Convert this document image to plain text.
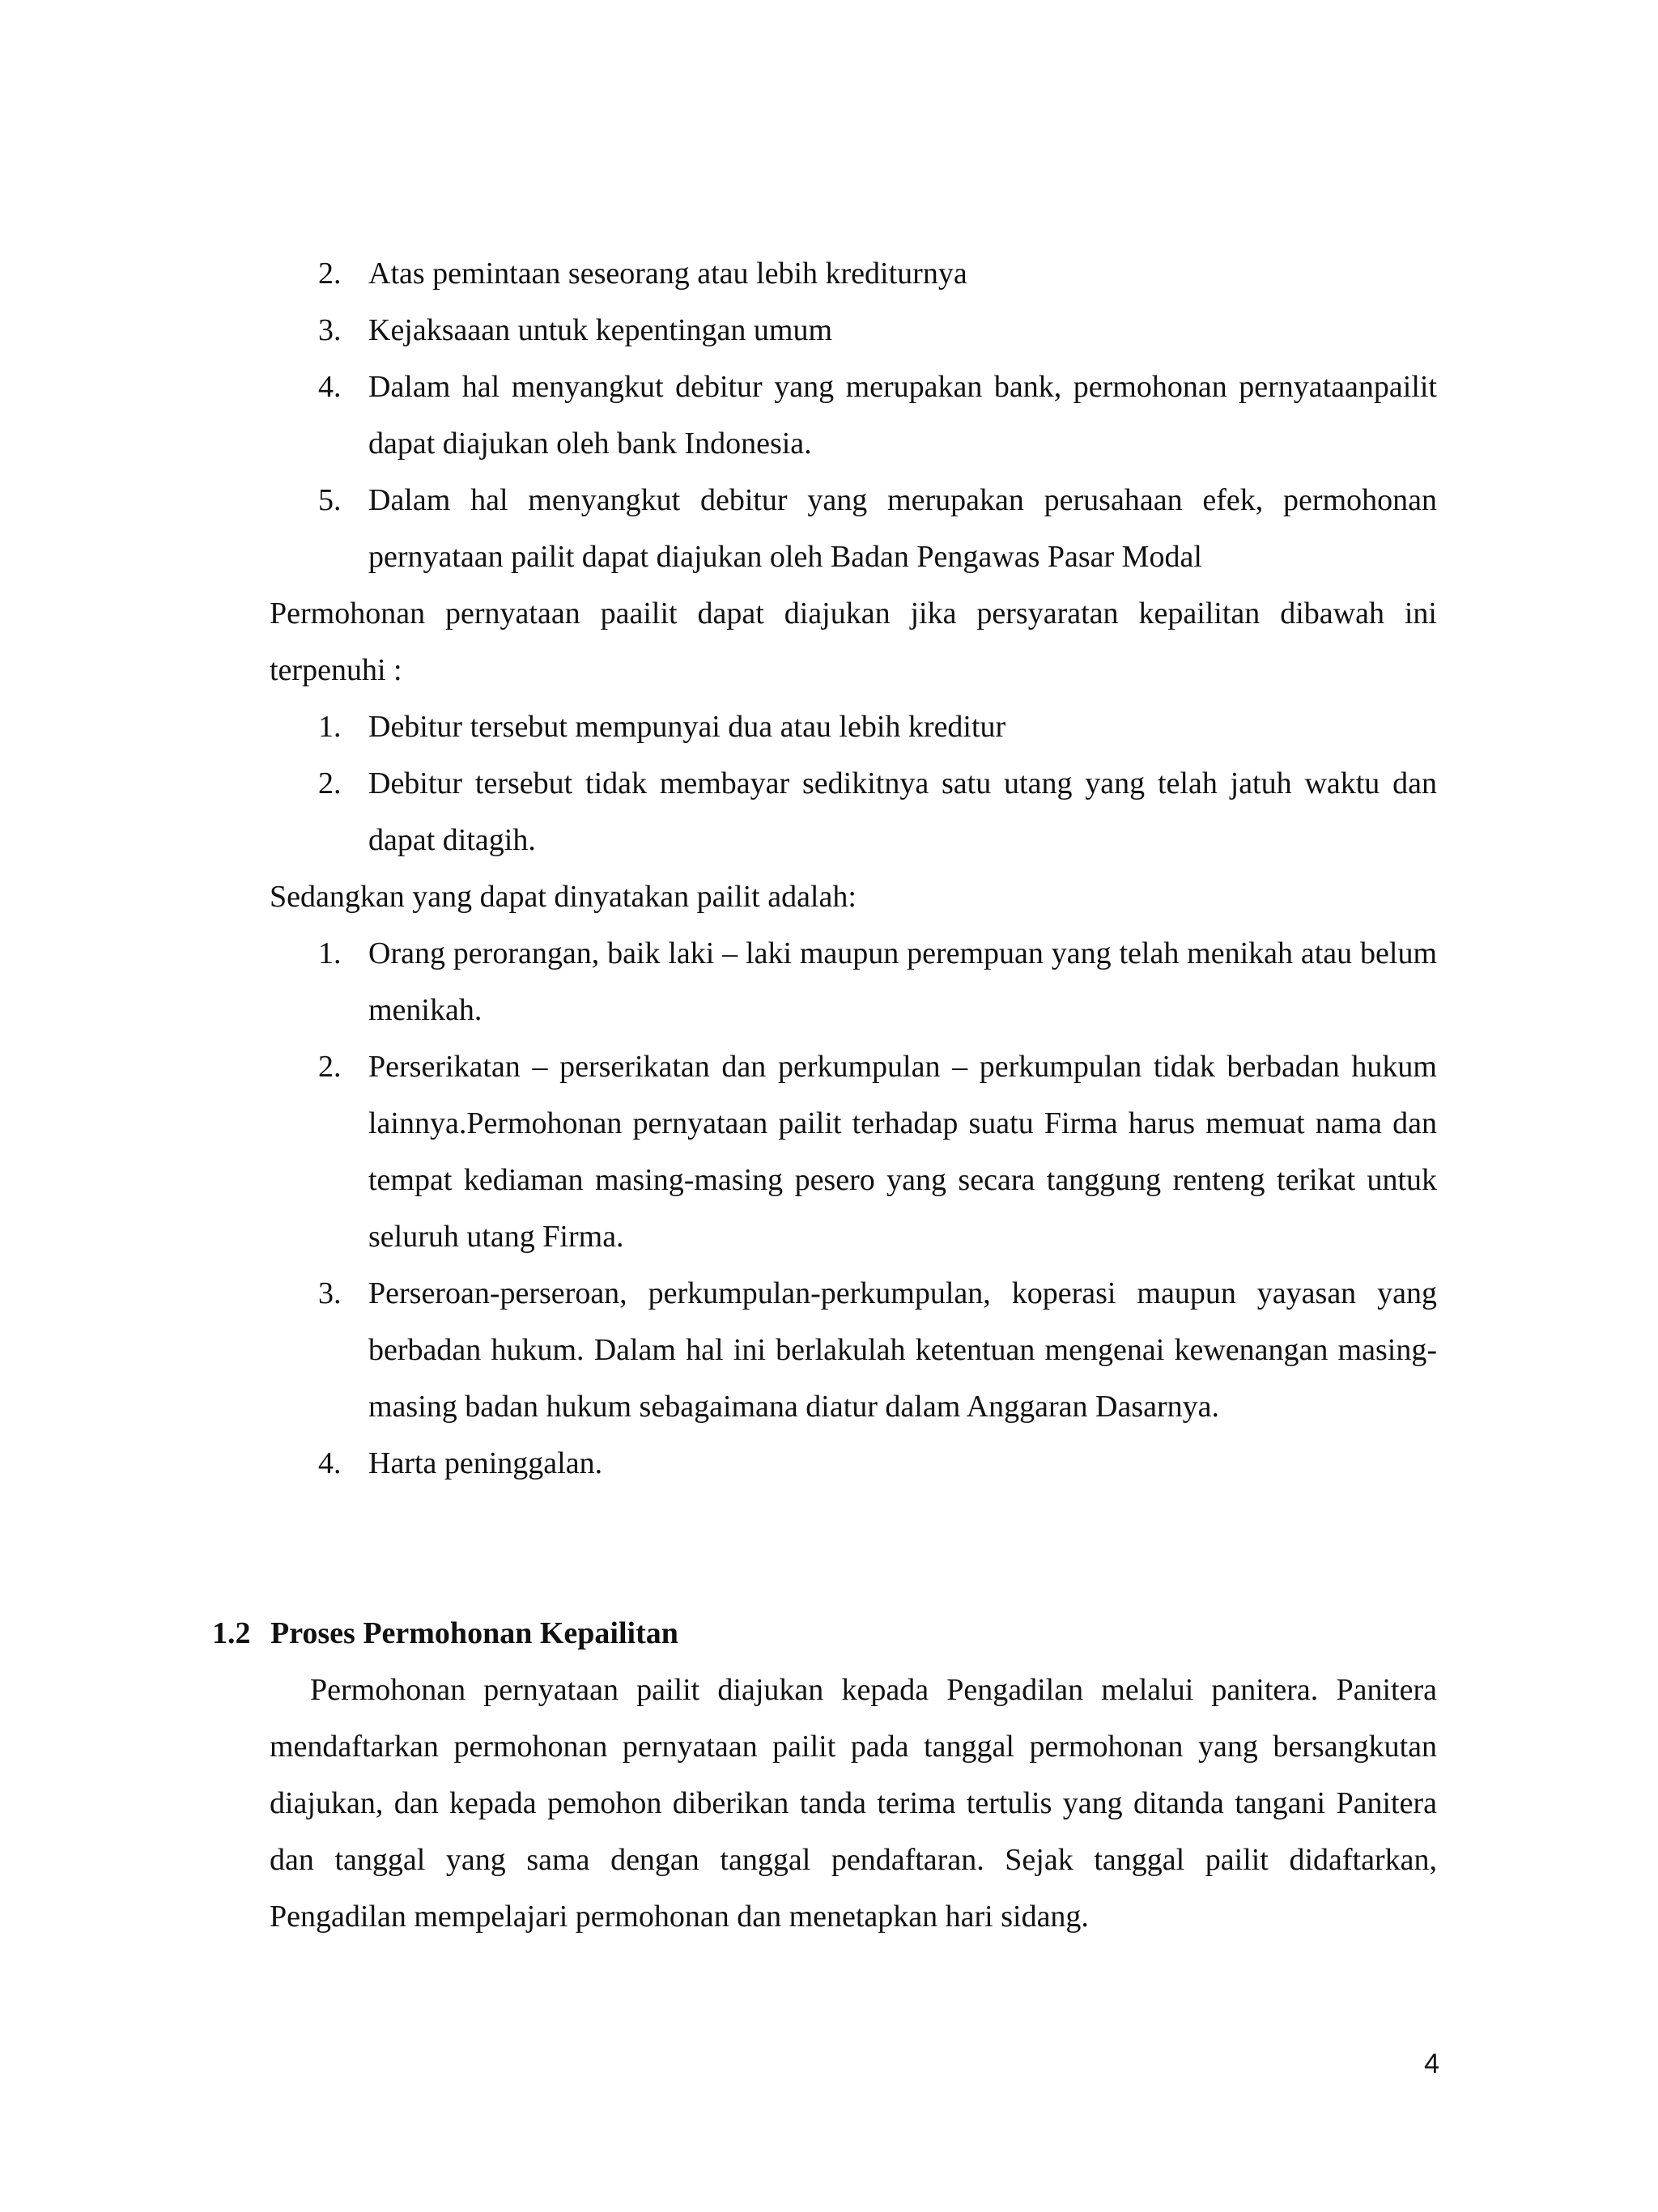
2. Atas pemintaan seseorang atau lebih krediturnya
3. Kejaksaaan untuk kepentingan umum
4. Dalam hal menyangkut debitur yang merupakan bank, permohonan pernyataanpailit dapat diajukan oleh bank Indonesia.
5. Dalam hal menyangkut debitur yang merupakan perusahaan efek, permohonan pernyataan pailit dapat diajukan oleh Badan Pengawas Pasar Modal

Permohonan pernyataan paailit dapat diajukan jika persyaratan kepailitan dibawah ini terpenuhi :

1. Debitur tersebut mempunyai dua atau lebih kreditur
2. Debitur tersebut tidak membayar sedikitnya satu utang yang telah jatuh waktu dan dapat ditagih.

Sedangkan yang dapat dinyatakan pailit adalah:

1. Orang perorangan, baik laki – laki maupun perempuan yang telah menikah atau belum menikah.
2. Perserikatan – perserikatan dan perkumpulan – perkumpulan tidak berbadan hukum lainnya.Permohonan pernyataan pailit terhadap suatu Firma harus memuat nama dan tempat kediaman masing-masing pesero yang secara tanggung renteng terikat untuk seluruh utang Firma.
3. Perseroan-perseroan, perkumpulan-perkumpulan, koperasi maupun yayasan yang berbadan hukum. Dalam hal ini berlakulah ketentuan mengenai kewenangan masing-masing badan hukum sebagaimana diatur dalam Anggaran Dasarnya.
4. Harta peninggalan.
1.2 Proses Permohonan Kepailitan

Permohonan pernyataan pailit diajukan kepada Pengadilan melalui panitera. Panitera mendaftarkan permohonan pernyataan pailit pada tanggal permohonan yang bersangkutan diajukan, dan kepada pemohon diberikan tanda terima tertulis yang ditanda tangani Panitera dan tanggal yang sama dengan tanggal pendaftaran. Sejak tanggal pailit didaftarkan, Pengadilan mempelajari permohonan dan menetapkan hari sidang.

4
